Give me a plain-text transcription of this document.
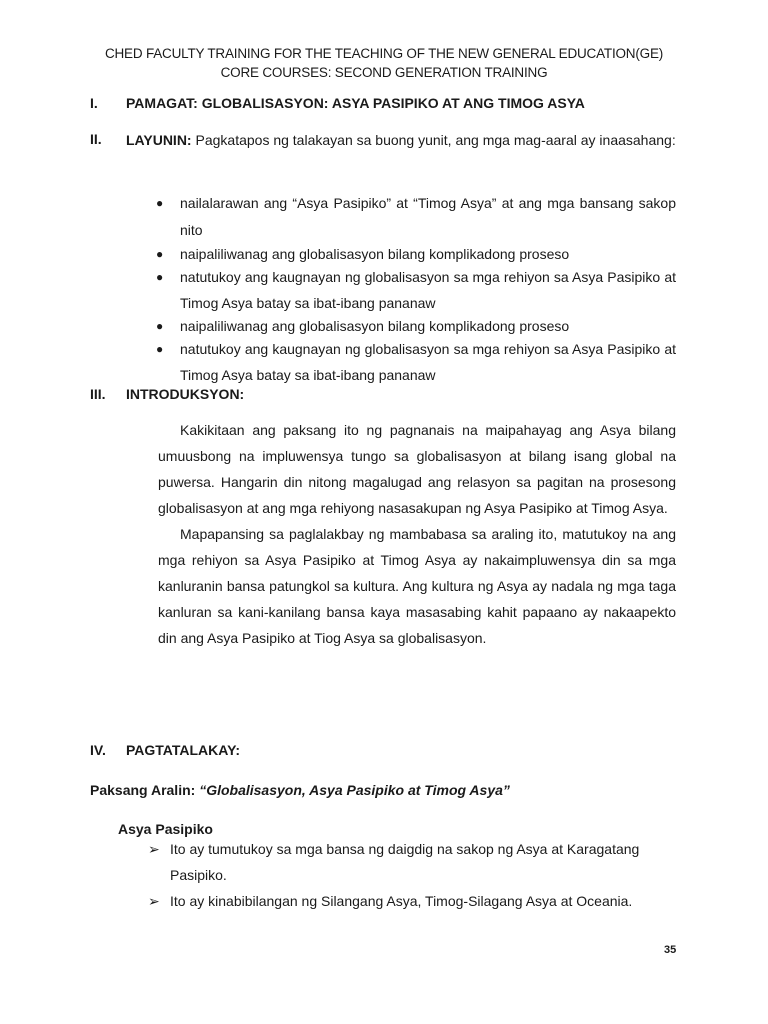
CHED FACULTY TRAINING FOR THE TEACHING OF THE NEW GENERAL EDUCATION(GE)
CORE COURSES: SECOND GENERATION TRAINING
I. PAMAGAT: GLOBALISASYON: ASYA PASIPIKO AT ANG TIMOG ASYA
II. LAYUNIN: Pagkatapos ng talakayan sa buong yunit, ang mga mag-aaral ay inaasahang:
● nailalarawan ang “Asya Pasipiko” at “Timog Asya” at ang mga bansang sakop nito
● naipaliliwanag ang globalisasyon bilang komplikadong proseso
● natutukoy ang kaugnayan ng globalisasyon sa mga rehiyon sa Asya Pasipiko at Timog Asya batay sa ibat-ibang pananaw
● naipaliliwanag ang globalisasyon bilang komplikadong proseso
● natutukoy ang kaugnayan ng globalisasyon sa mga rehiyon sa Asya Pasipiko at Timog Asya batay sa ibat-ibang pananaw
III. INTRODUKSYON:

Kakikitaan ang paksang ito ng pagnanais na maipahayag ang Asya bilang umuusbong na impluwensya tungo sa globalisasyon at bilang isang global na puwersa. Hangarin din nitong magalugad ang relasyon sa pagitan na prosesong globalisasyon at ang mga rehiyong nasasakupan ng Asya Pasipiko at Timog Asya.

Mapapansing sa paglalakbay ng mambabasa sa araling ito, matutukoy na ang mga rehiyon sa Asya Pasipiko at Timog Asya ay nakaimpluwensya din sa mga kanluranin bansa patungkol sa kultura. Ang kultura ng Asya ay nadala ng mga taga kanluran sa kani-kanilang bansa kaya masasabing kahit papaano ay nakaapekto din ang Asya Pasipiko at Tiog Asya sa globalisasyon.

IV. PAGTATALAKAY:
Paksang Aralin: “Globalisasyon, Asya Pasipiko at Timog Asya”
Asya Pasipiko
➢ Ito ay tumutukoy sa mga bansa ng daigdig na sakop ng Asya at Karagatang Pasipiko.
➢ Ito ay kinabibilangan ng Silangang Asya, Timog-Silagang Asya at Oceania.
35
